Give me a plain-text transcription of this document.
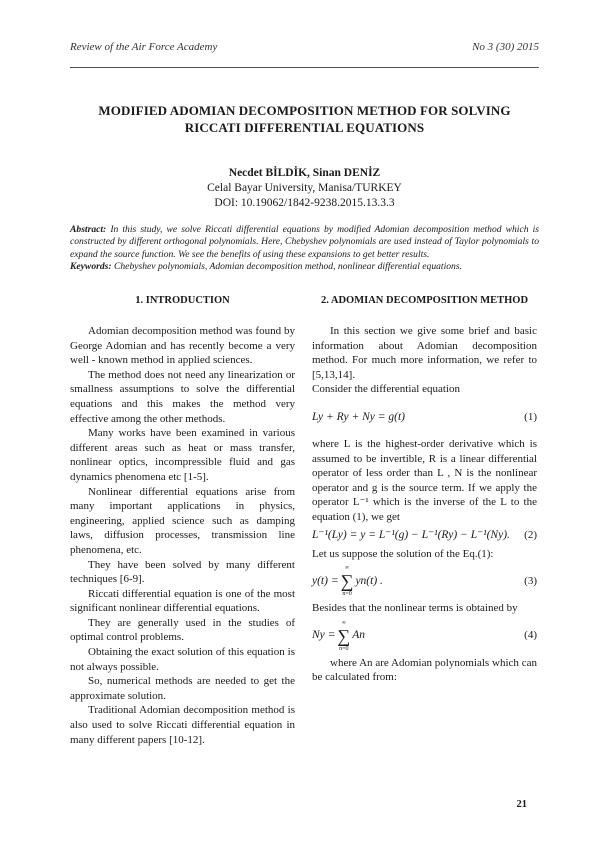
Review of the Air Force Academy	No 3 (30) 2015
MODIFIED ADOMIAN DECOMPOSITION METHOD FOR SOLVING RICCATI DIFFERENTIAL EQUATIONS
Necdet BİLDİK, Sinan DENİZ
Celal Bayar University, Manisa/TURKEY
DOI: 10.19062/1842-9238.2015.13.3.3
Abstract: In this study, we solve Riccati differential equations by modified Adomian decomposition method which is constructed by different orthogonal polynomials. Here, Chebyshev polynomials are used instead of Taylor polynomials to expand the source function. We see the benefits of using these expansions to get better results.
Keywords: Chebyshev polynomials, Adomian decomposition method, nonlinear differential equations.
1. INTRODUCTION

Adomian decomposition method was found by George Adomian and has recently become a very well - known method in applied sciences.

The method does not need any linearization or smallness assumptions to solve the differential equations and this makes the method very effective among the other methods.

Many works have been examined in various different areas such as heat or mass transfer, nonlinear optics, incompressible fluid and gas dynamics phenomena etc [1-5].

Nonlinear differential equations arise from many important applications in physics, engineering, applied science such as damping laws, diffusion processes, transmission line phenomena, etc.

They have been solved by many different techniques [6-9].

Riccati differential equation is one of the most significant nonlinear differential equations.

They are generally used in the studies of optimal control problems.

Obtaining the exact solution of this equation is not always possible.

So, numerical methods are needed to get the approximate solution.

Traditional Adomian decomposition method is also used to solve Riccati differential equation in many different papers [10-12].

2. ADOMIAN DECOMPOSITION METHOD

In this section we give some brief and basic information about Adomian decomposition method. For much more information, we refer to [5,13,14].

Consider the differential equation

Ly + Ry + Ny = g(t)	(1)

where L is the highest-order derivative which is assumed to be invertible, R is a linear differential operator of less order than L , N is the nonlinear operator and g is the source term. If we apply the operator L⁻¹ which is the inverse of the L to the equation (1), we get

L⁻¹(Ly) = y = L⁻¹(g) − L⁻¹(Ry) − L⁻¹(Ny). (2)

Let us suppose the solution of the Eq.(1):

y(t) =
∞
∑
n=0
yn(t) .	(3)

Besides that the nonlinear terms is obtained by

Ny =
∞
∑
n=0
An	(4)

where An are Adomian polynomials which can be calculated from:

21
